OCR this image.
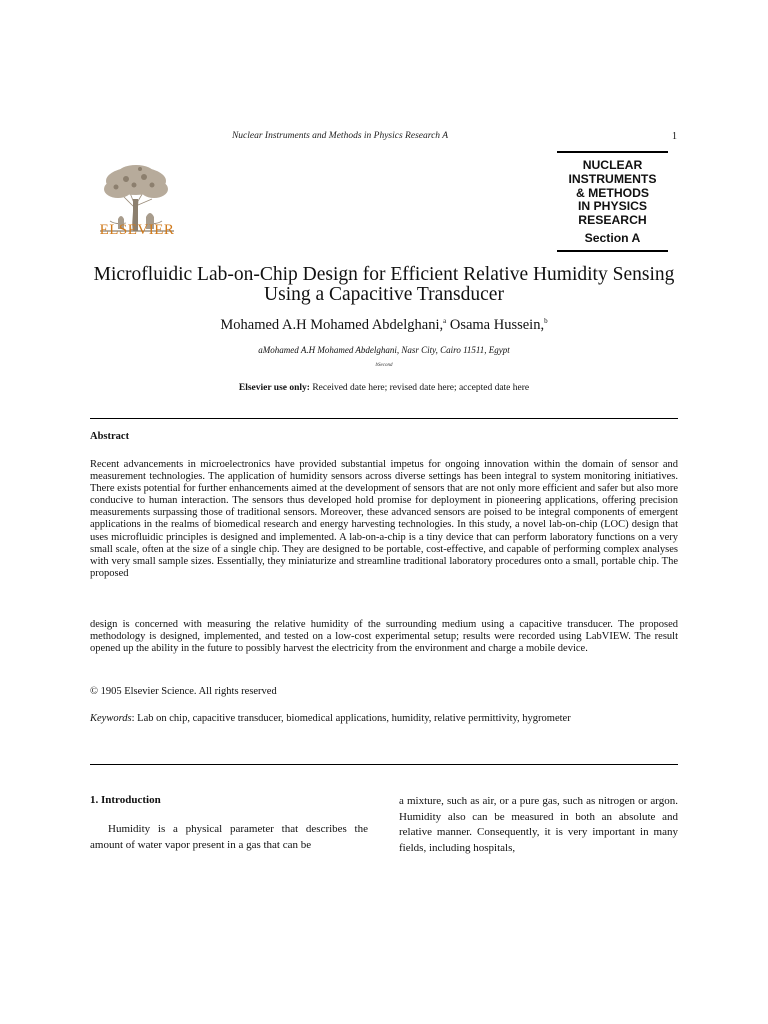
Nuclear Instruments and Methods in Physics Research A	1
ELSEVIER
NUCLEAR
INSTRUMENTS
& METHODS
IN PHYSICS
RESEARCH
Section A
Microfluidic Lab-on-Chip Design for Efficient Relative Humidity Sensing Using a Capacitive Transducer
Mohamed A.H Mohamed Abdelghani,$^a$ Osama Hussein,$^b$
aMohamed A.H Mohamed Abdelghani, Nasr City, Cairo 11511, Egypt
bSecond
Elsevier use only: Received date here; revised date here; accepted date here
Abstract
Recent advancements in microelectronics have provided substantial impetus for ongoing innovation within the domain of sensor and measurement technologies. The application of humidity sensors across diverse settings has been integral to system monitoring initiatives. There exists potential for further enhancements aimed at the development of sensors that are not only more efficient and safer but also more conducive to human interaction. The sensors thus developed hold promise for deployment in pioneering applications, offering precision measurements surpassing those of traditional sensors. Moreover, these advanced sensors are poised to be integral components of emergent applications in the realms of biomedical research and energy harvesting technologies. In this study, a novel lab-on-chip (LOC) design that uses microfluidic principles is designed and implemented. A lab-on-a-chip is a tiny device that can perform laboratory functions on a very small scale, often at the size of a single chip. They are designed to be portable, cost-effective, and capable of performing complex analyses with very small sample sizes. Essentially, they miniaturize and streamline traditional laboratory procedures onto a small, portable chip. The proposed
design is concerned with measuring the relative humidity of the surrounding medium using a capacitive transducer. The proposed methodology is designed, implemented, and tested on a low-cost experimental setup; results were recorded using LabVIEW. The result opened up the ability in the future to possibly harvest the electricity from the environment and charge a mobile device.
© 1905 Elsevier Science. All rights reserved
Keywords: Lab on chip, capacitive transducer, biomedical applications, humidity, relative permittivity, hygrometer
1. Introduction
Humidity is a physical parameter that describes the amount of water vapor present in a gas that can be
a mixture, such as air, or a pure gas, such as nitrogen or argon. Humidity also can be measured in both an absolute and relative manner. Consequently, it is very important in many fields, including hospitals,
